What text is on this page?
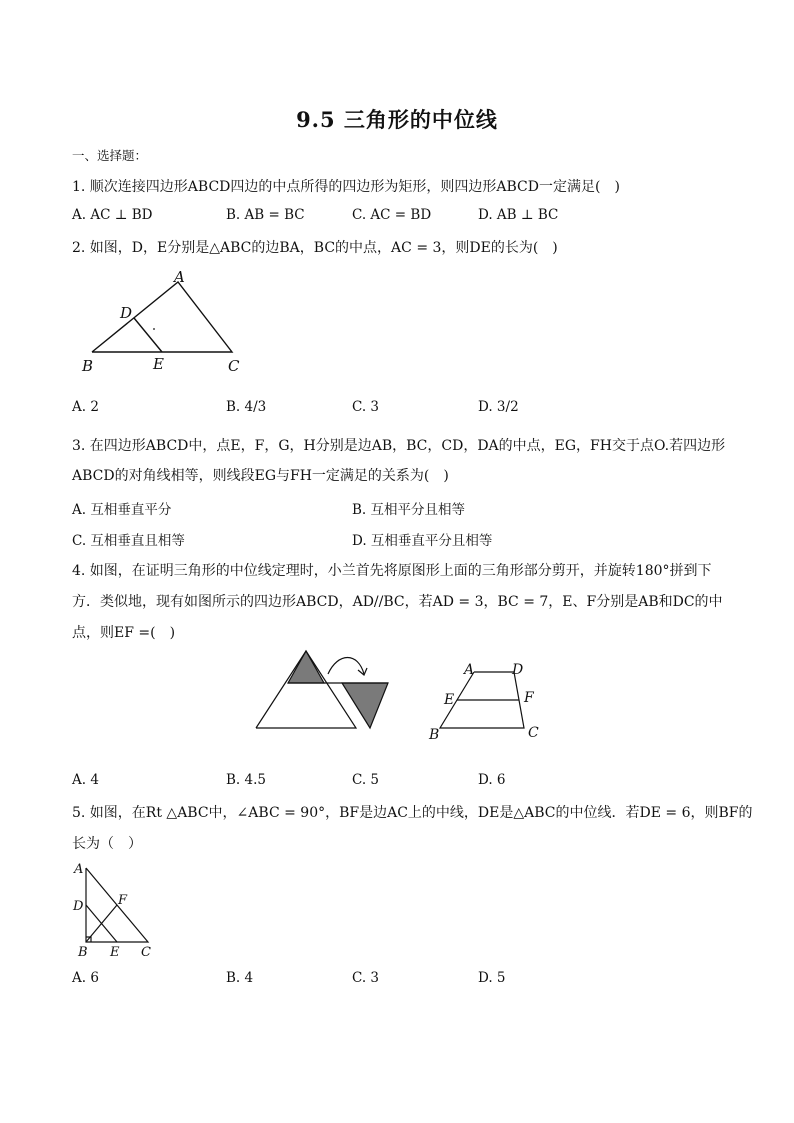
9.5 三角形的中位线
一、选择题：
1. 顺次连接四边形ABCD四边的中点所得的四边形为矩形，则四边形ABCD一定满足(　)
A. AC ⊥ BD	B. AB = BC	C. AC = BD	D. AB ⊥ BC
2. 如图，D，E分别是△ABC的边BA，BC的中点，AC = 3，则DE的长为(　)
A
D
B	E	C
A. 2	B. 4/3	C. 3	D. 3/2
3. 在四边形ABCD中，点E，F，G，H分别是边AB，BC，CD，DA的中点，EG，FH交于点O.若四边形
ABCD的对角线相等，则线段EG与FH一定满足的关系为(　)
A. 互相垂直平分	B. 互相平分且相等
C. 互相垂直且相等	D. 互相垂直平分且相等
4. 如图，在证明三角形的中位线定理时，小兰首先将原图形上面的三角形部分剪开，并旋转180°拼到下
方．类似地，现有如图所示的四边形ABCD，AD//BC，若AD = 3，BC = 7，E、F分别是AB和DC的中
点，则EF =(　)
A	D
E	F
B	C
A. 4	B. 4.5	C. 5	D. 6
5. 如图，在Rt △ABC中，∠ABC = 90°，BF是边AC上的中线，DE是△ABC的中位线．若DE = 6，则BF的
长为（　）
A
F
D
B E C
A. 6	B. 4	C. 3	D. 5
